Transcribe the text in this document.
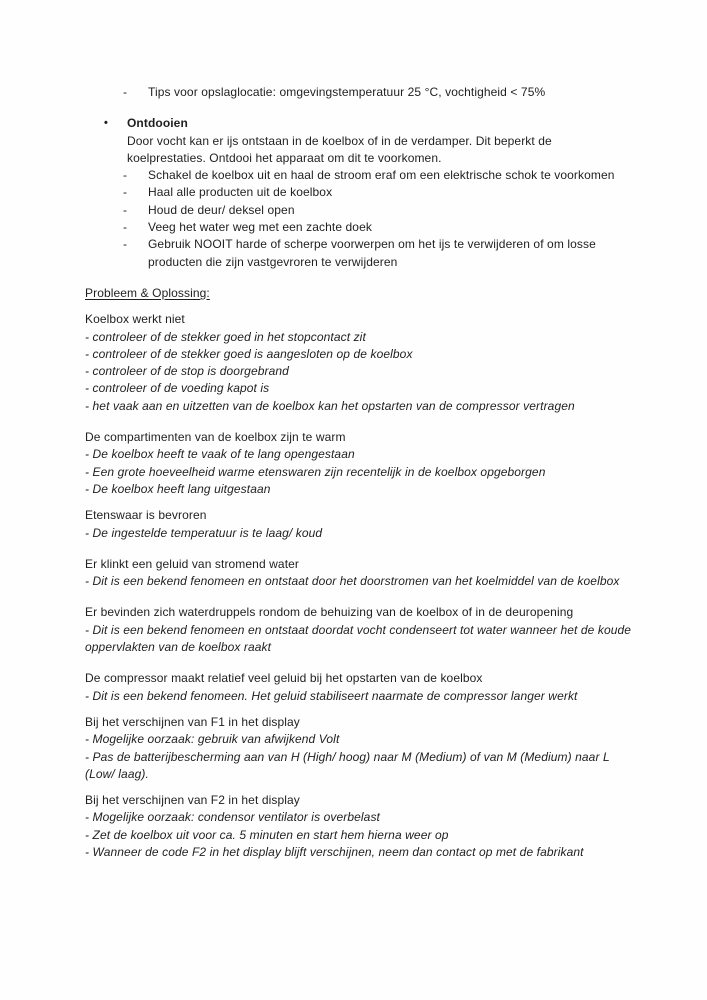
- Tips voor opslaglocatie: omgevingstemperatuur 25 °C, vochtigheid < 75%
• Ontdooien
Door vocht kan er ijs ontstaan in de koelbox of in de verdamper. Dit beperkt de
koelprestaties. Ontdooi het apparaat om dit te voorkomen.
- Schakel de koelbox uit en haal de stroom eraf om een elektrische schok te voorkomen
- Haal alle producten uit de koelbox
- Houd de deur/ deksel open
- Veeg het water weg met een zachte doek
- Gebruik NOOIT harde of scherpe voorwerpen om het ijs te verwijderen of om losse
producten die zijn vastgevroren te verwijderen
Probleem & Oplossing:
Koelbox werkt niet
- controleer of de stekker goed in het stopcontact zit
- controleer of de stekker goed is aangesloten op de koelbox
- controleer of de stop is doorgebrand
- controleer of de voeding kapot is
- het vaak aan en uitzetten van de koelbox kan het opstarten van de compressor vertragen
De compartimenten van de koelbox zijn te warm
- De koelbox heeft te vaak of te lang opengestaan
- Een grote hoeveelheid warme etenswaren zijn recentelijk in de koelbox opgeborgen
- De koelbox heeft lang uitgestaan
Etenswaar is bevroren
- De ingestelde temperatuur is te laag/ koud
Er klinkt een geluid van stromend water
- Dit is een bekend fenomeen en ontstaat door het doorstromen van het koelmiddel van de koelbox
Er bevinden zich waterdruppels rondom de behuizing van de koelbox of in de deuropening
- Dit is een bekend fenomeen en ontstaat doordat vocht condenseert tot water wanneer het de koude
oppervlakten van de koelbox raakt
De compressor maakt relatief veel geluid bij het opstarten van de koelbox
- Dit is een bekend fenomeen. Het geluid stabiliseert naarmate de compressor langer werkt
Bij het verschijnen van F1 in het display
- Mogelijke oorzaak: gebruik van afwijkend Volt
- Pas de batterijbescherming aan van H (High/ hoog) naar M (Medium) of van M (Medium) naar L
(Low/ laag).
Bij het verschijnen van F2 in het display
- Mogelijke oorzaak: condensor ventilator is overbelast
- Zet de koelbox uit voor ca. 5 minuten en start hem hierna weer op
- Wanneer de code F2 in het display blijft verschijnen, neem dan contact op met de fabrikant
